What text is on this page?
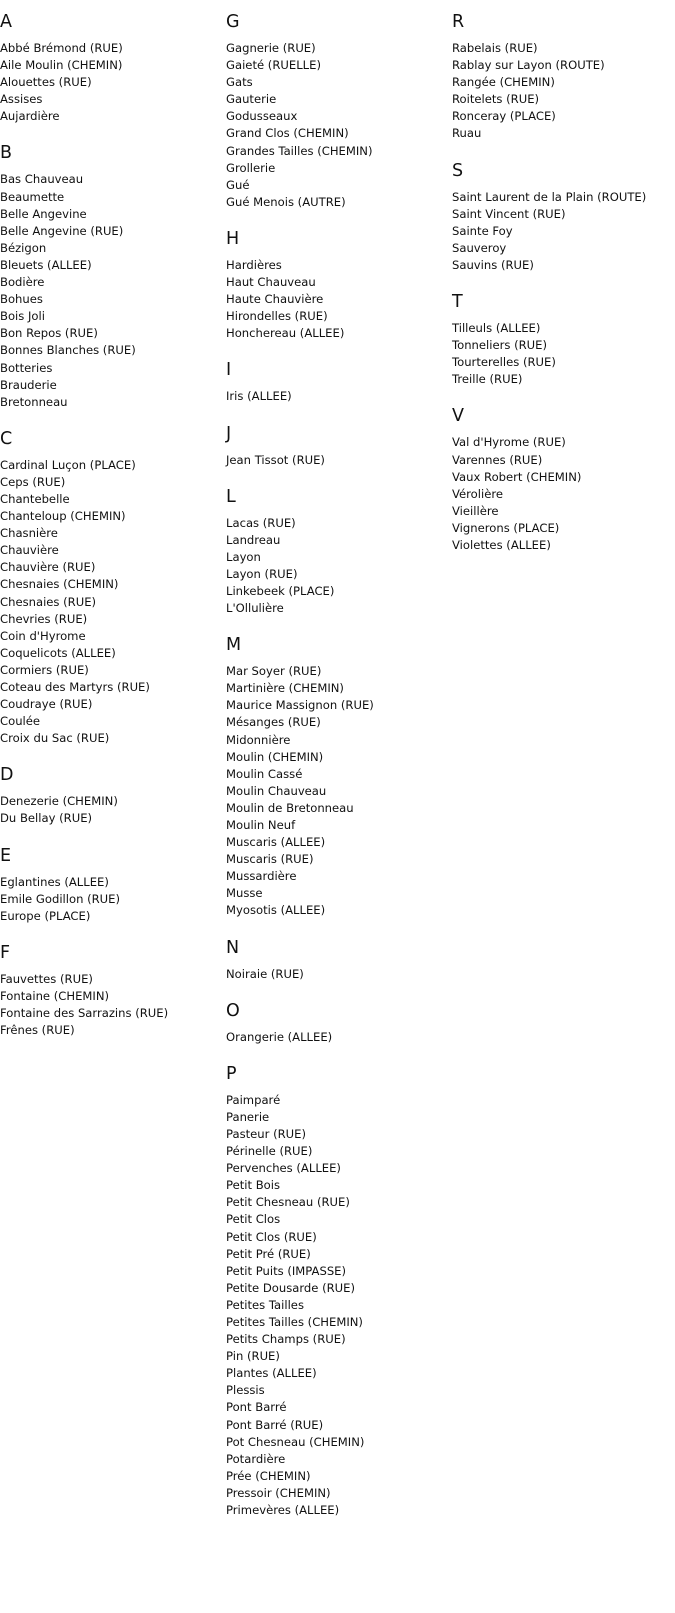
A
Abbé Brémond (RUE)
Aile Moulin (CHEMIN)
Alouettes (RUE)
Assises
Aujardière
B
Bas Chauveau
Beaumette
Belle Angevine
Belle Angevine (RUE)
Bézigon
Bleuets (ALLEE)
Bodière
Bohues
Bois Joli
Bon Repos (RUE)
Bonnes Blanches (RUE)
Botteries
Brauderie
Bretonneau
C
Cardinal Luçon (PLACE)
Ceps (RUE)
Chantebelle
Chanteloup (CHEMIN)
Chasnière
Chauvière
Chauvière (RUE)
Chesnaies (CHEMIN)
Chesnaies (RUE)
Chevries (RUE)
Coin d'Hyrome
Coquelicots (ALLEE)
Cormiers (RUE)
Coteau des Martyrs (RUE)
Coudraye (RUE)
Coulée
Croix du Sac (RUE)
D
Denezerie (CHEMIN)
Du Bellay (RUE)
E
Eglantines (ALLEE)
Emile Godillon (RUE)
Europe (PLACE)
F
Fauvettes (RUE)
Fontaine (CHEMIN)
Fontaine des Sarrazins (RUE)
Frênes (RUE)
G
Gagnerie (RUE)
Gaieté (RUELLE)
Gats
Gauterie
Godusseaux
Grand Clos (CHEMIN)
Grandes Tailles (CHEMIN)
Grollerie
Gué
Gué Menois (AUTRE)
H
Hardières
Haut Chauveau
Haute Chauvière
Hirondelles (RUE)
Honchereau (ALLEE)
I
Iris (ALLEE)
J
Jean Tissot (RUE)
L
Lacas (RUE)
Landreau
Layon
Layon (RUE)
Linkebeek (PLACE)
L'Ollulière
M
Mar Soyer (RUE)
Martinière (CHEMIN)
Maurice Massignon (RUE)
Mésanges (RUE)
Midonnière
Moulin (CHEMIN)
Moulin Cassé
Moulin Chauveau
Moulin de Bretonneau
Moulin Neuf
Muscaris (ALLEE)
Muscaris (RUE)
Mussardière
Musse
Myosotis (ALLEE)
N
Noiraie (RUE)
O
Orangerie (ALLEE)
P
Paimparé
Panerie
Pasteur (RUE)
Périnelle (RUE)
Pervenches (ALLEE)
Petit Bois
Petit Chesneau (RUE)
Petit Clos
Petit Clos (RUE)
Petit Pré (RUE)
Petit Puits (IMPASSE)
Petite Dousarde (RUE)
Petites Tailles
Petites Tailles (CHEMIN)
Petits Champs (RUE)
Pin (RUE)
Plantes (ALLEE)
Plessis
Pont Barré
Pont Barré (RUE)
Pot Chesneau (CHEMIN)
Potardière
Prée (CHEMIN)
Pressoir (CHEMIN)
Primevères (ALLEE)
R
Rabelais (RUE)
Rablay sur Layon (ROUTE)
Rangée (CHEMIN)
Roitelets (RUE)
Ronceray (PLACE)
Ruau
S
Saint Laurent de la Plain (ROUTE)
Saint Vincent (RUE)
Sainte Foy
Sauveroy
Sauvins (RUE)
T
Tilleuls (ALLEE)
Tonneliers (RUE)
Tourterelles (RUE)
Treille (RUE)
V
Val d'Hyrome (RUE)
Varennes (RUE)
Vaux Robert (CHEMIN)
Vérolière
Vieillère
Vignerons (PLACE)
Violettes (ALLEE)
